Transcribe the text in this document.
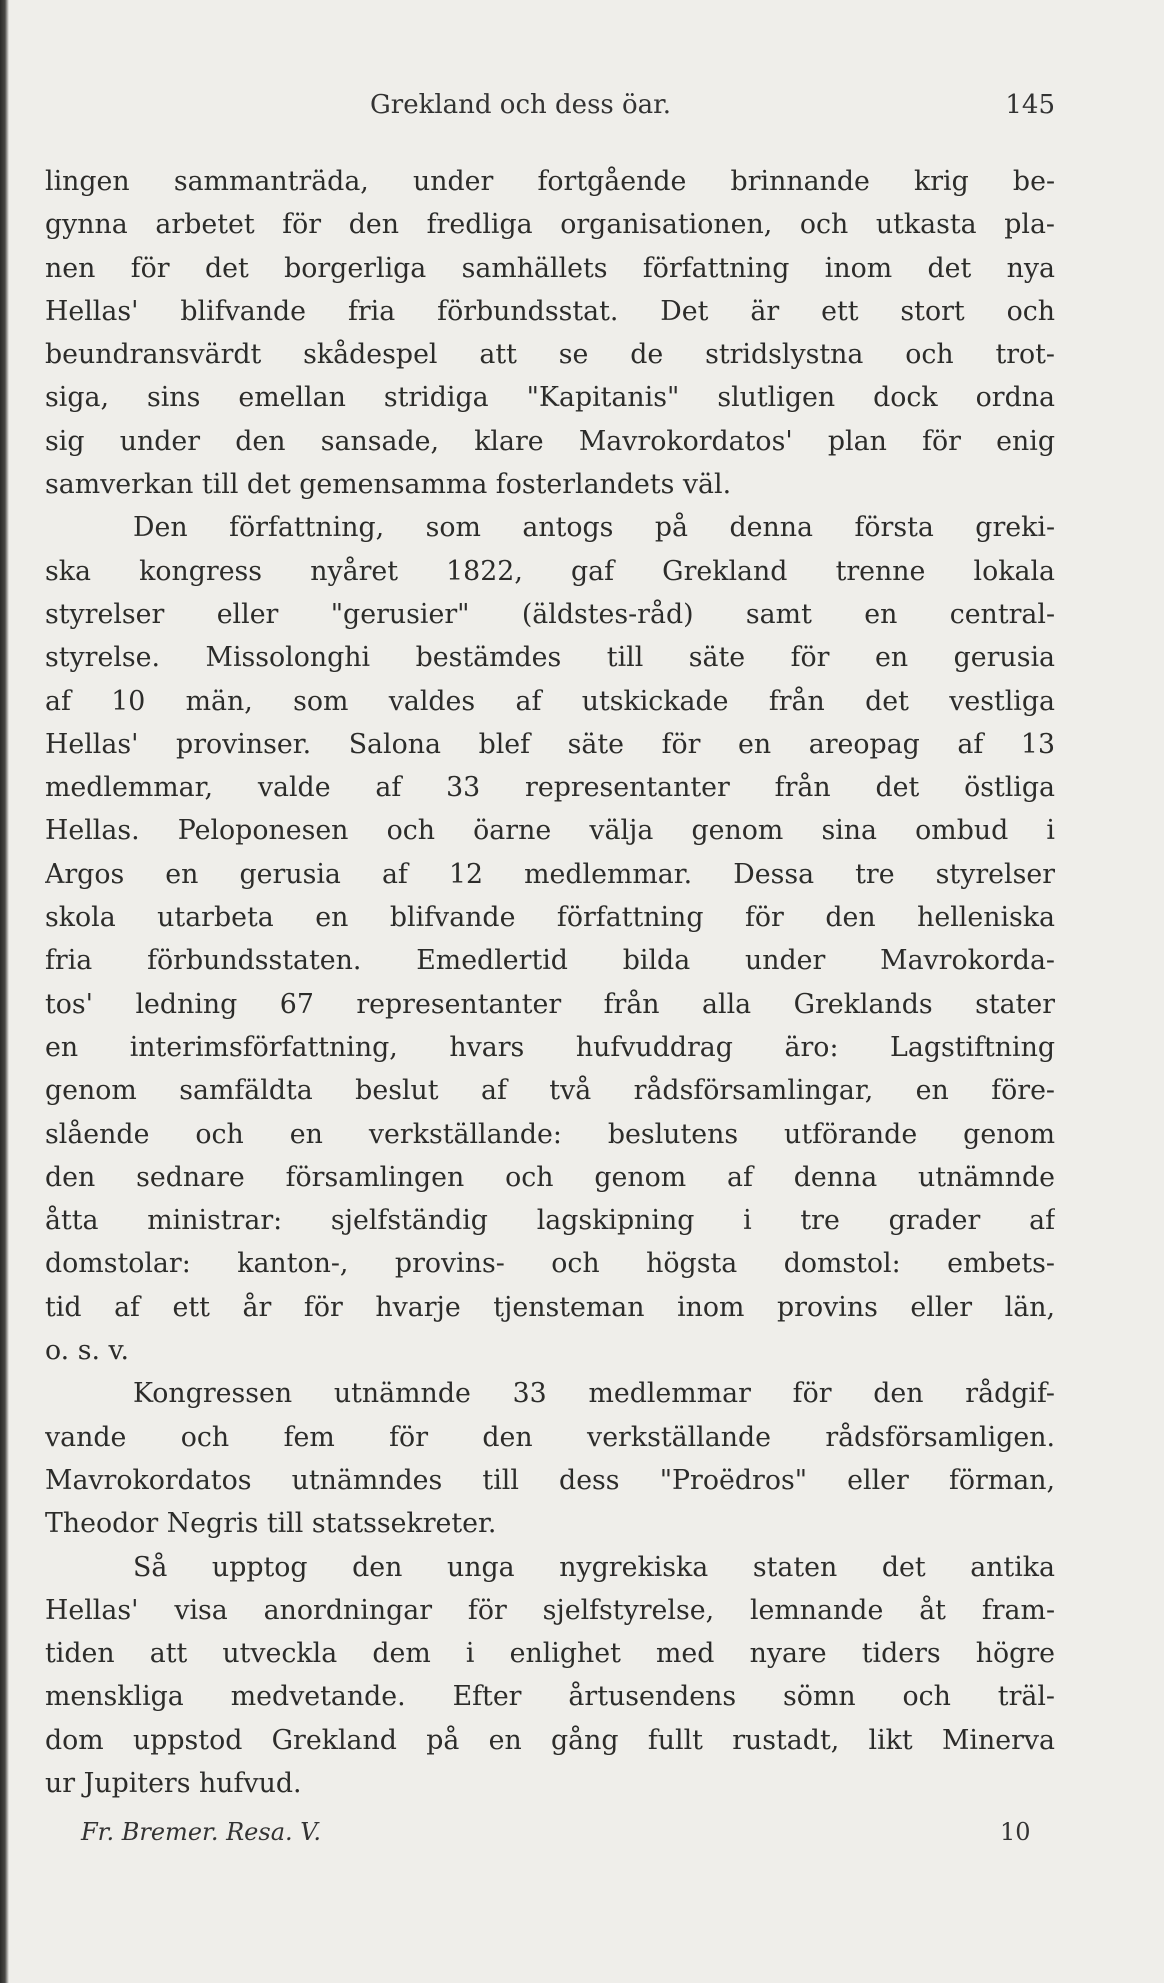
Grekland och dess öar.	145
lingen sammanträda, under fortgående brinnande krig be-
gynna arbetet för den fredliga organisationen, och utkasta pla-
nen för det borgerliga samhällets författning inom det nya
Hellas' blifvande fria förbundsstat. Det är ett stort och
beundransvärdt skådespel att se de stridslystna och trot-
siga, sins emellan stridiga "Kapitanis" slutligen dock ordna
sig under den sansade, klare Mavrokordatos' plan för enig
samverkan till det gemensamma fosterlandets väl.
Den författning, som antogs på denna första greki-
ska kongress nyåret 1822, gaf Grekland trenne lokala
styrelser eller "gerusier" (äldstes-råd) samt en central-
styrelse. Missolonghi bestämdes till säte för en gerusia
af 10 män, som valdes af utskickade från det vestliga
Hellas' provinser. Salona blef säte för en areopag af 13
medlemmar, valde af 33 representanter från det östliga
Hellas. Peloponesen och öarne välja genom sina ombud i
Argos en gerusia af 12 medlemmar. Dessa tre styrelser
skola utarbeta en blifvande författning för den helleniska
fria förbundsstaten. Emedlertid bilda under Mavrokorda-
tos' ledning 67 representanter från alla Greklands stater
en interimsförfattning, hvars hufvuddrag äro: Lagstiftning
genom samfäldta beslut af två rådsförsamlingar, en före-
slående och en verkställande: beslutens utförande genom
den sednare församlingen och genom af denna utnämnde
åtta ministrar: sjelfständig lagskipning i tre grader af
domstolar: kanton-, provins- och högsta domstol: embets-
tid af ett år för hvarje tjensteman inom provins eller län,
o. s. v.
Kongressen utnämnde 33 medlemmar för den rådgif-
vande och fem för den verkställande rådsförsamligen.
Mavrokordatos utnämndes till dess "Proëdros" eller förman,
Theodor Negris till statssekreter.
Så upptog den unga nygrekiska staten det antika
Hellas' visa anordningar för sjelfstyrelse, lemnande åt fram-
tiden att utveckla dem i enlighet med nyare tiders högre
menskliga medvetande. Efter årtusendens sömn och träl-
dom uppstod Grekland på en gång fullt rustadt, likt Minerva
ur Jupiters hufvud.
Fr. Bremer. Resa. V.	10
